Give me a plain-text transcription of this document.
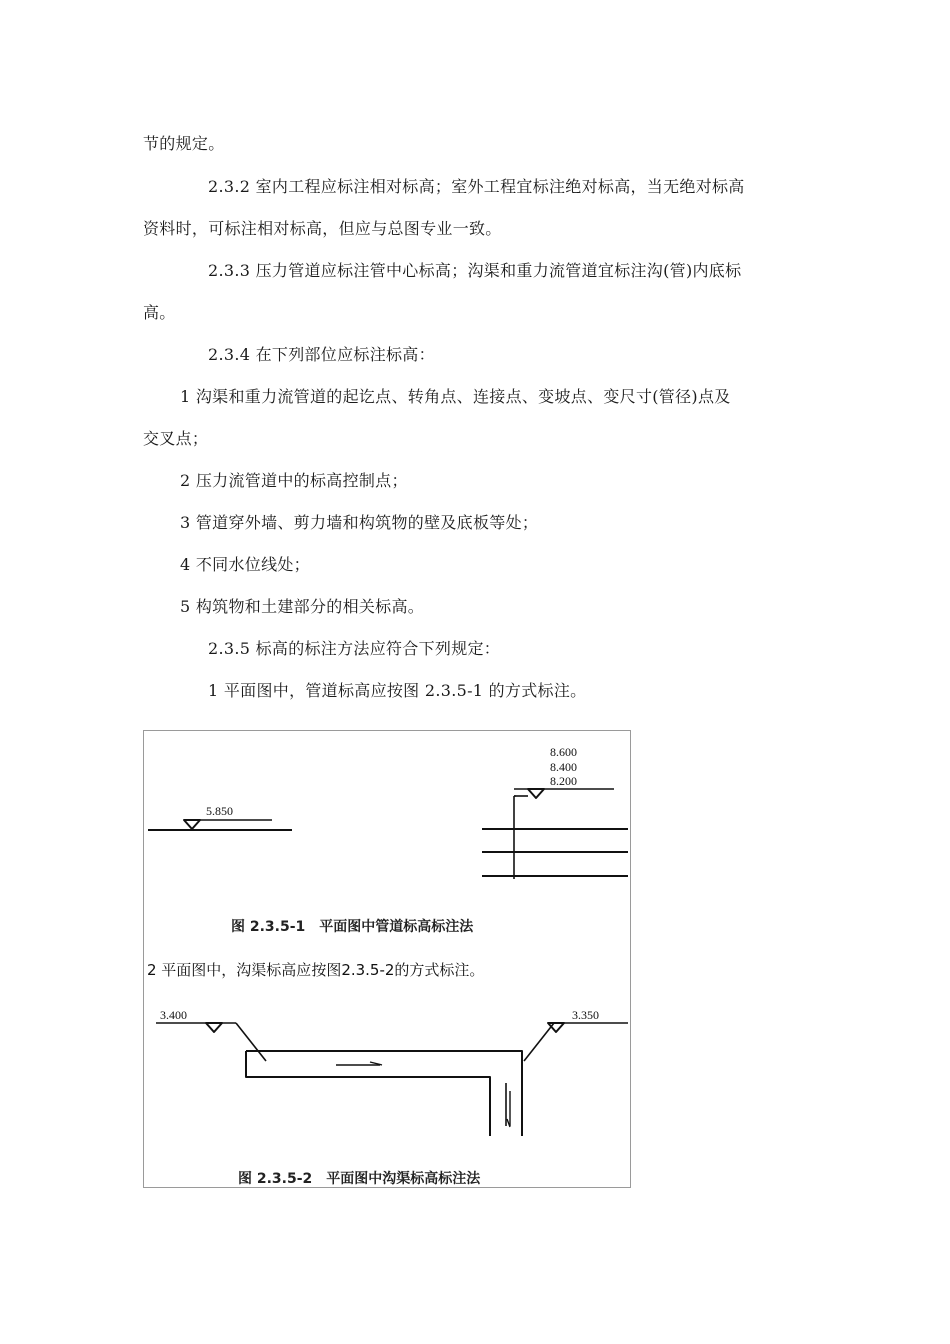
节的规定。
2.3.2 室内工程应标注相对标高；室外工程宜标注绝对标高，当无绝对标高
资料时，可标注相对标高，但应与总图专业一致。
2.3.3 压力管道应标注管中心标高；沟渠和重力流管道宜标注沟(管)内底标
高。
2.3.4 在下列部位应标注标高：
1 沟渠和重力流管道的起讫点、转角点、连接点、变坡点、变尺寸(管径)点及
交叉点；
2 压力流管道中的标高控制点；
3 管道穿外墙、剪力墙和构筑物的壁及底板等处；
4 不同水位线处；
5 构筑物和土建部分的相关标高。
2.3.5 标高的标注方法应符合下列规定：
1 平面图中，管道标高应按图 2.3.5-1 的方式标注。
5.850
8.600
8.400
8.200
图 2.3.5-1　平面图中管道标高标注法
2 平面图中，沟渠标高应按图2.3.5-2的方式标注。
3.400	3.350
图 2.3.5-2　平面图中沟渠标高标注法
